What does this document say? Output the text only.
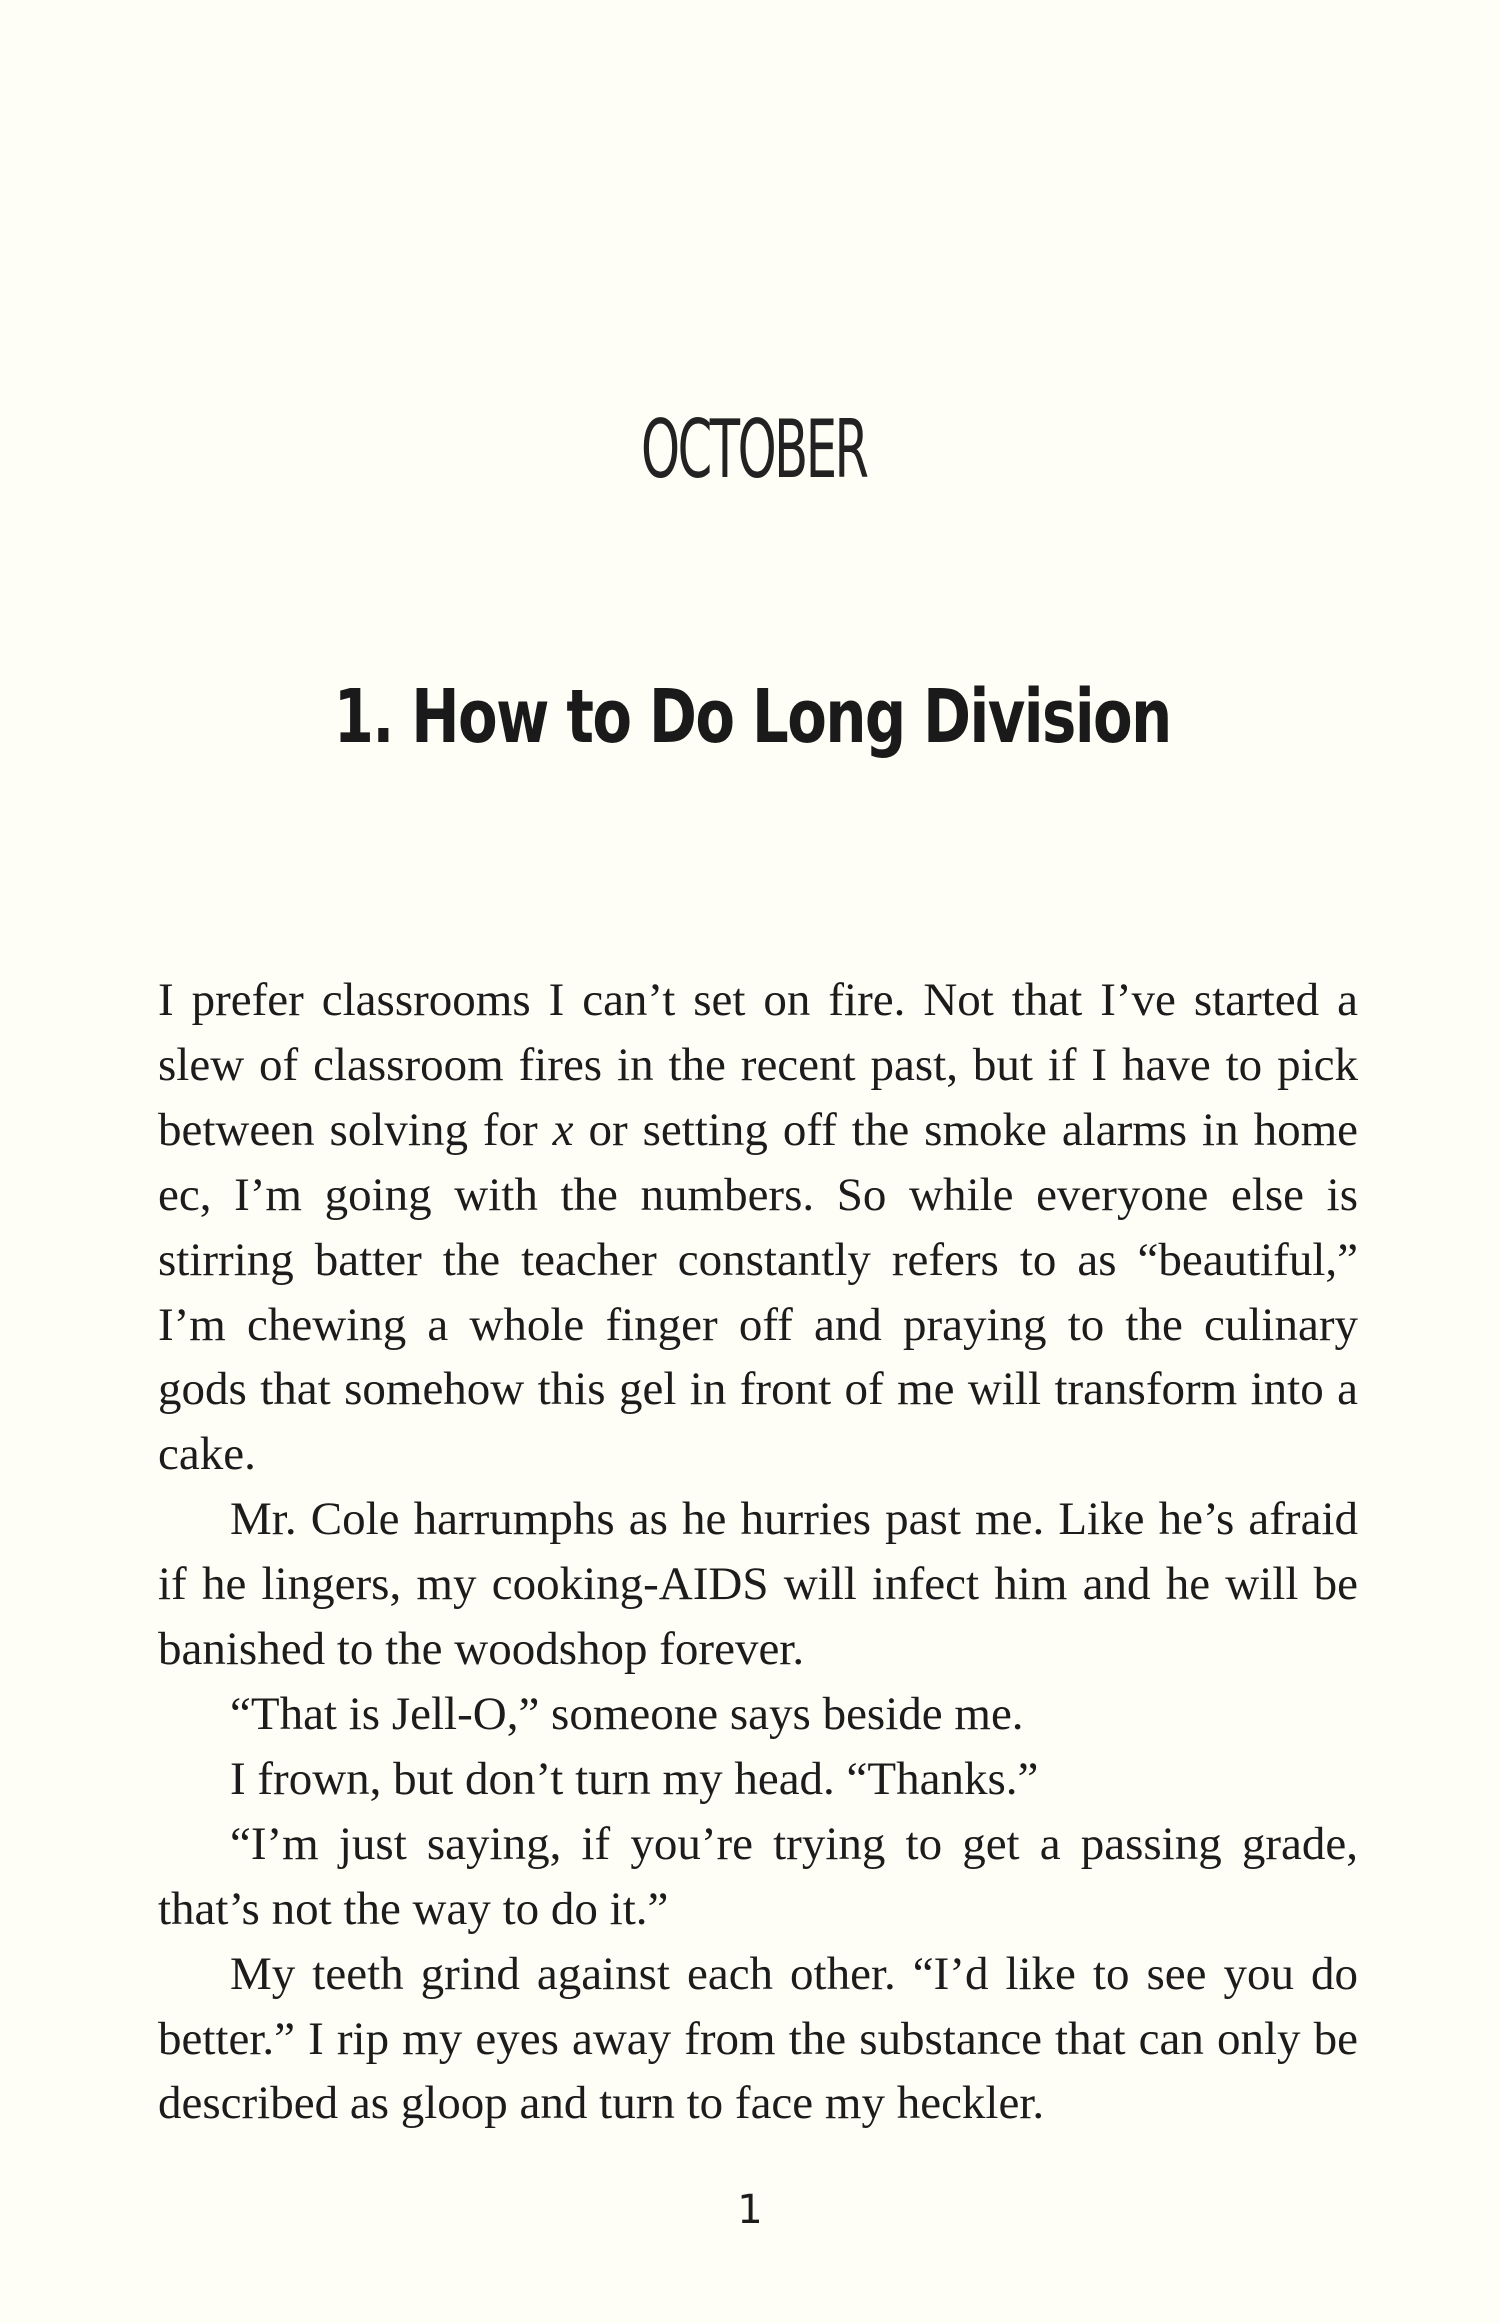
OCTOBER
1. How to Do Long Division

I prefer classrooms I can’t set on fire. Not that I’ve started a slew of classroom fires in the recent past, but if I have to pick between solving for x or setting off the smoke alarms in home ec, I’m going with the numbers. So while everyone else is stirring batter the teacher constantly refers to as “beautiful,” I’m chewing a whole finger off and praying to the culinary gods that somehow this gel in front of me will transform into a cake.

Mr. Cole harrumphs as he hurries past me. Like he’s afraid if he lingers, my cooking-AIDS will infect him and he will be banished to the woodshop forever.

“That is Jell-O,” someone says beside me.

I frown, but don’t turn my head. “Thanks.”

“I’m just saying, if you’re trying to get a passing grade, that’s not the way to do it.”

My teeth grind against each other. “I’d like to see you do better.” I rip my eyes away from the substance that can only be described as gloop and turn to face my heckler.

1
